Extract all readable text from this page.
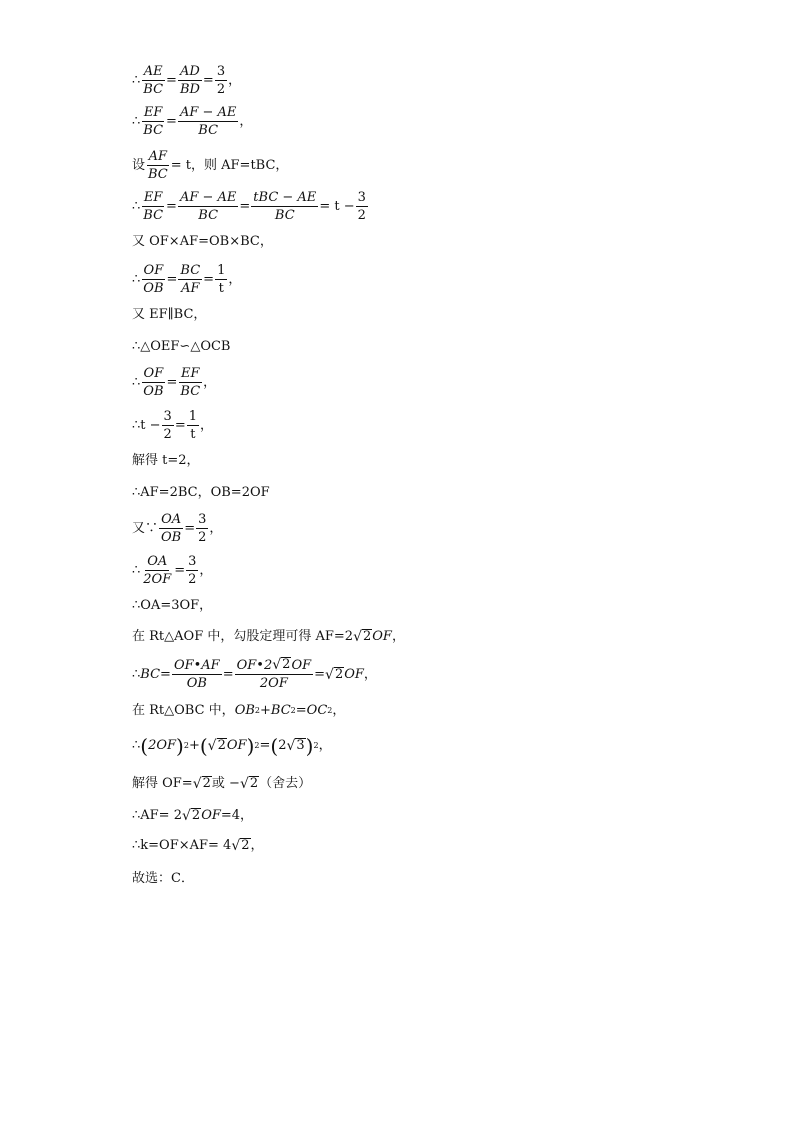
∴ $\frac{AE}{BC} = \frac{AD}{BD} = \frac{3}{2}$ ，
∴ $\frac{EF}{BC} = \frac{AF - AE}{BC}$ ，
设 $\frac{AF}{BC} = t$，则 AF=tBC，
∴ $\frac{EF}{BC} = \frac{AF - AE}{BC} = \frac{\text{tBC − AE}}{BC} = t - \frac{3}{2}$
又 OF×AF=OB×BC，
∴ $\frac{OF}{OB} = \frac{BC}{AF} = \frac{1}{t}$ ，
又 EF∥BC，
∴△OEF∽△OCB
∴ $\frac{OF}{OB} = \frac{EF}{BC}$ ，
∴t − $\frac{3}{2} = \frac{1}{t}$ ，
解得 t=2，
∴AF=2BC，OB=2OF
又∵ $\frac{OA}{OB} = \frac{3}{2}$ ，
∴ $\frac{OA}{2OF} = \frac{3}{2}$ ，
∴OA=3OF，
在 Rt△AOF 中，勾股定理可得 AF= 2 √ 2 OF ，
∴ BC = $\frac{OF•AF}{OB} = \frac{OF•2 √ 2 OF}{2OF}$ = √ 2 OF ，
在 Rt△OBC 中， OB 2 + BC 2 = OC 2 ，
∴ ( 2OF ) 2 + ( √ 2 OF ) 2 = ( 2 √ 3 ) 2 ，
解得 OF= √ 2 或 − √ 2 （舍去）
∴AF= 2 √ 2 OF =4，
∴k=OF×AF= 4 √ 2 ，
故选：C．
